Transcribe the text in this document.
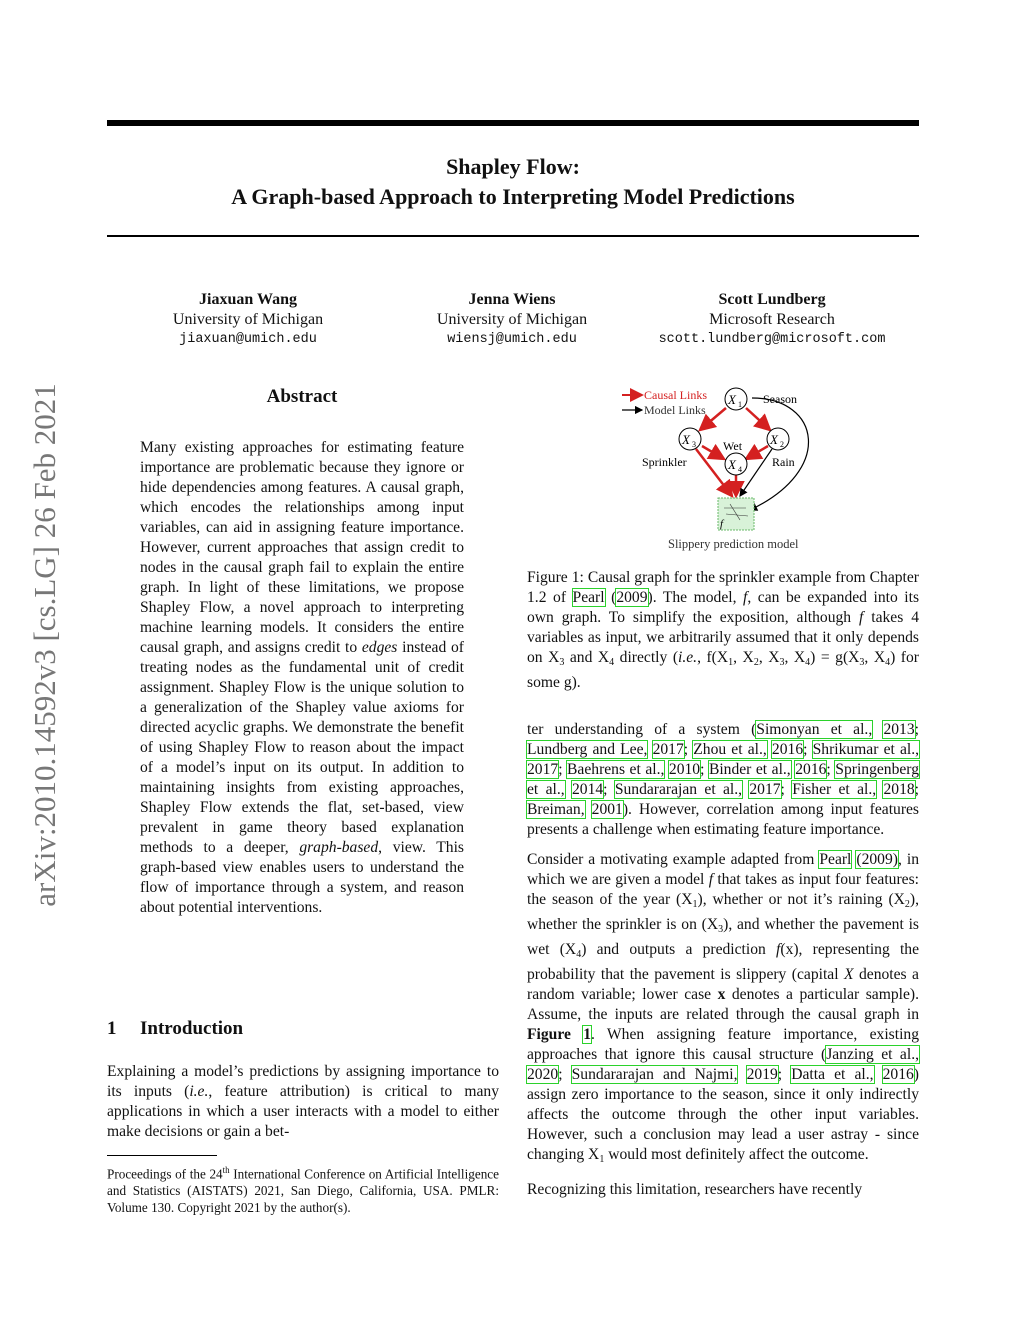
arXiv:2010.14592v3 [cs.LG] 26 Feb 2021
Shapley Flow:
A Graph-based Approach to Interpreting Model Predictions
Jiaxuan Wang
University of Michigan
jiaxuan@umich.edu
Jenna Wiens
University of Michigan
wiensj@umich.edu
Scott Lundberg
Microsoft Research
scott.lundberg@microsoft.com
Abstract
Many existing approaches for estimating feature importance are problematic because they ignore or hide dependencies among features. A causal graph, which encodes the relationships among input variables, can aid in assigning feature importance. However, current approaches that assign credit to nodes in the causal graph fail to explain the entire graph. In light of these limitations, we propose Shapley Flow, a novel approach to interpreting machine learning models. It considers the entire causal graph, and assigns credit to edges instead of treating nodes as the fundamental unit of credit assignment. Shapley Flow is the unique solution to a generalization of the Shapley value axioms for directed acyclic graphs. We demonstrate the benefit of using Shapley Flow to reason about the impact of a model’s input on its output. In addition to maintaining insights from existing approaches, Shapley Flow extends the flat, set-based, view prevalent in game theory based explanation methods to a deeper, graph-based, view. This graph-based view enables users to understand the flow of importance through a system, and reason about potential interventions.
1 Introduction
Explaining a model’s predictions by assigning importance to its inputs (i.e., feature attribution) is critical to many applications in which a user interacts with a model to either make decisions or gain a bet-
Proceedings of the 24th International Conference on Artificial Intelligence and Statistics (AISTATS) 2021, San Diego, California, USA. PMLR: Volume 130. Copyright 2021 by the author(s).
Causal Links
Model Links
X 1 Season
X 3
Sprinkler
X 2
Rain
Wet
X 4
f
Slippery prediction model
Figure 1: Causal graph for the sprinkler example from Chapter 1.2 of Pearl (2009). The model, f, can be expanded into its own graph. To simplify the exposition, although f takes 4 variables as input, we arbitrarily assumed that it only depends on $X_3$ and $X_4$ directly (i.e., $f(X_1$, $X_2$, $X_3$, $X_4) = g(X_3$, $X_4$) for some g).

ter understanding of a system (Simonyan et al., 2013; Lundberg and Lee, 2017; Zhou et al., 2016; Shrikumar et al., 2017; Baehrens et al., 2010; Binder et al., 2016; Springenberg et al., 2014; Sundararajan et al., 2017; Fisher et al., 2018; Breiman, 2001). However, correlation among input features presents a challenge when estimating feature importance.

Consider a motivating example adapted from Pearl (2009), in which we are given a model f that takes as input four features: the season of the year $(X_1)$, whether or not it’s raining $(X_2)$, whether the sprinkler is on $(X_3)$, and whether the pavement is wet $(X_4)$ and outputs a prediction f(x), representing the probability that the pavement is slippery (capital X denotes a random variable; lower case x denotes a particular sample). Assume, the inputs are related through the causal graph in Figure 1. When assigning feature importance, existing approaches that ignore this causal structure (Janzing et al., 2020; Sundararajan and Najmi, 2019; Datta et al., 2016) assign zero importance to the season, since it only indirectly affects the outcome through the other input variables. However, such a conclusion may lead a user astray - since changing $X_1$ would most definitely affect the outcome.

Recognizing this limitation, researchers have recently
